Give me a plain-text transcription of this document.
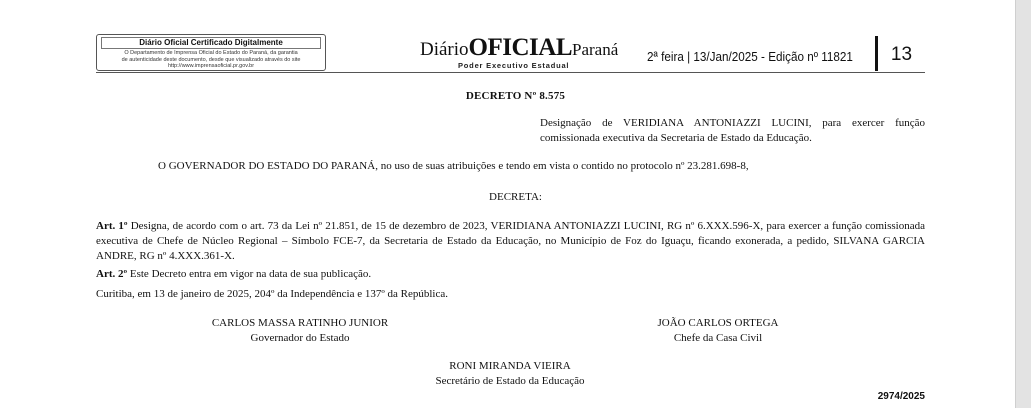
Diário Oficial Certificado Digitalmente
O Departamento de Imprensa Oficial do Estado do Paraná, da garantia
de autenticidade deste documento, desde que visualizado através do site
http://www.imprensaoficial.pr.gov.br
DiárioOFICIALParaná
Poder Executivo Estadual
2ª feira | 13/Jan/2025 - Edição nº 11821	13
DECRETO Nº 8.575
Designação de VERIDIANA ANTONIAZZI LUCINI, para exercer função comissionada executiva da Secretaria de Estado da Educação.
O GOVERNADOR DO ESTADO DO PARANÁ, no uso de suas atribuições e tendo em vista o contido no protocolo nº 23.281.698-8,
DECRETA:
Art. 1º Designa, de acordo com o art. 73 da Lei nº 21.851, de 15 de dezembro de 2023, VERIDIANA ANTONIAZZI LUCINI, RG nº 6.XXX.596-X, para exercer a função comissionada executiva de Chefe de Núcleo Regional – Símbolo FCE-7, da Secretaria de Estado da Educação, no Município de Foz do Iguaçu, ficando exonerada, a pedido, SILVANA GARCIA ANDRE, RG nº 4.XXX.361-X.
Art. 2º Este Decreto entra em vigor na data de sua publicação.
Curitiba, em 13 de janeiro de 2025, 204º da Independência e 137º da República.
CARLOS MASSA RATINHO JUNIOR
Governador do Estado
JOÃO CARLOS ORTEGA
Chefe da Casa Civil
RONI MIRANDA VIEIRA
Secretário de Estado da Educação
2974/2025
